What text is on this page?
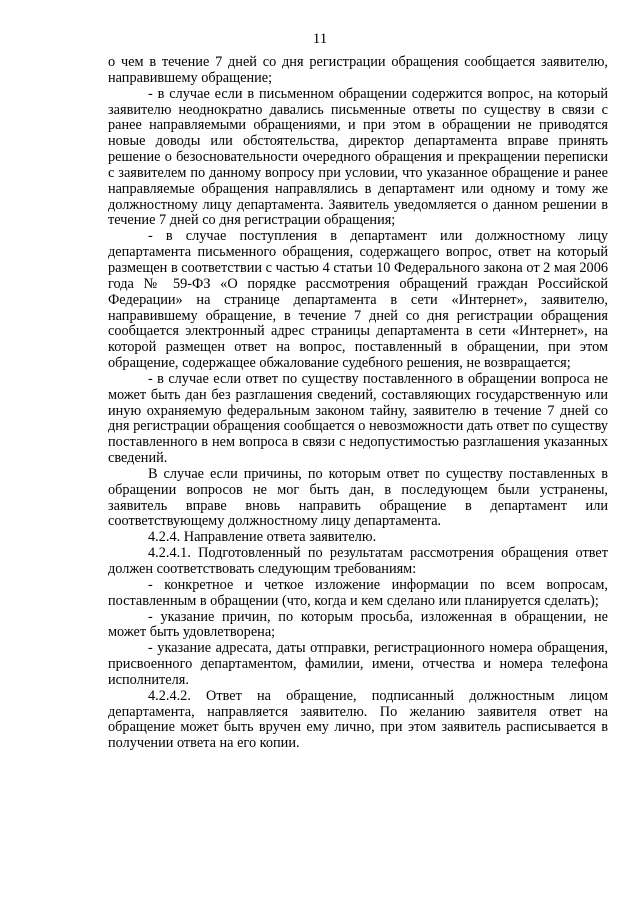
11

о чем в течение 7 дней со дня регистрации обращения сообщается заявителю, направившему обращение;

- в случае если в письменном обращении содержится вопрос, на который заявителю неоднократно давались письменные ответы по существу в связи с ранее направляемыми обращениями, и при этом в обращении не приводятся новые доводы или обстоятельства, директор департамента вправе принять решение о безосновательности очередного обращения и прекращении переписки с заявителем по данному вопросу при условии, что указанное обращение и ранее направляемые обращения направлялись в департамент или одному и тому же должностному лицу департамента. Заявитель уведомляется о данном решении в течение 7 дней со дня регистрации обращения;

- в случае поступления в департамент или должностному лицу департамента письменного обращения, содержащего вопрос, ответ на который размещен в соответствии с частью 4 статьи 10 Федерального закона от 2 мая 2006 года № 59-ФЗ «О порядке рассмотрения обращений граждан Российской Федерации» на странице департамента в сети «Интернет», заявителю, направившему обращение, в течение 7 дней со дня регистрации обращения сообщается электронный адрес страницы департамента в сети «Интернет», на которой размещен ответ на вопрос, поставленный в обращении, при этом обращение, содержащее обжалование судебного решения, не возвращается;

- в случае если ответ по существу поставленного в обращении вопроса не может быть дан без разглашения сведений, составляющих государственную или иную охраняемую федеральным законом тайну, заявителю в течение 7 дней со дня регистрации обращения сообщается о невозможности дать ответ по существу поставленного в нем вопроса в связи с недопустимостью разглашения указанных сведений.

В случае если причины, по которым ответ по существу поставленных в обращении вопросов не мог быть дан, в последующем были устранены, заявитель вправе вновь направить обращение в департамент или соответствующему должностному лицу департамента.

4.2.4. Направление ответа заявителю.

4.2.4.1. Подготовленный по результатам рассмотрения обращения ответ должен соответствовать следующим требованиям:

- конкретное и четкое изложение информации по всем вопросам, поставленным в обращении (что, когда и кем сделано или планируется сделать);

- указание причин, по которым просьба, изложенная в обращении, не может быть удовлетворена;

- указание адресата, даты отправки, регистрационного номера обращения, присвоенного департаментом, фамилии, имени, отчества и номера телефона исполнителя.

4.2.4.2. Ответ на обращение, подписанный должностным лицом департамента, направляется заявителю. По желанию заявителя ответ на обращение может быть вручен ему лично, при этом заявитель расписывается в получении ответа на его копии.
